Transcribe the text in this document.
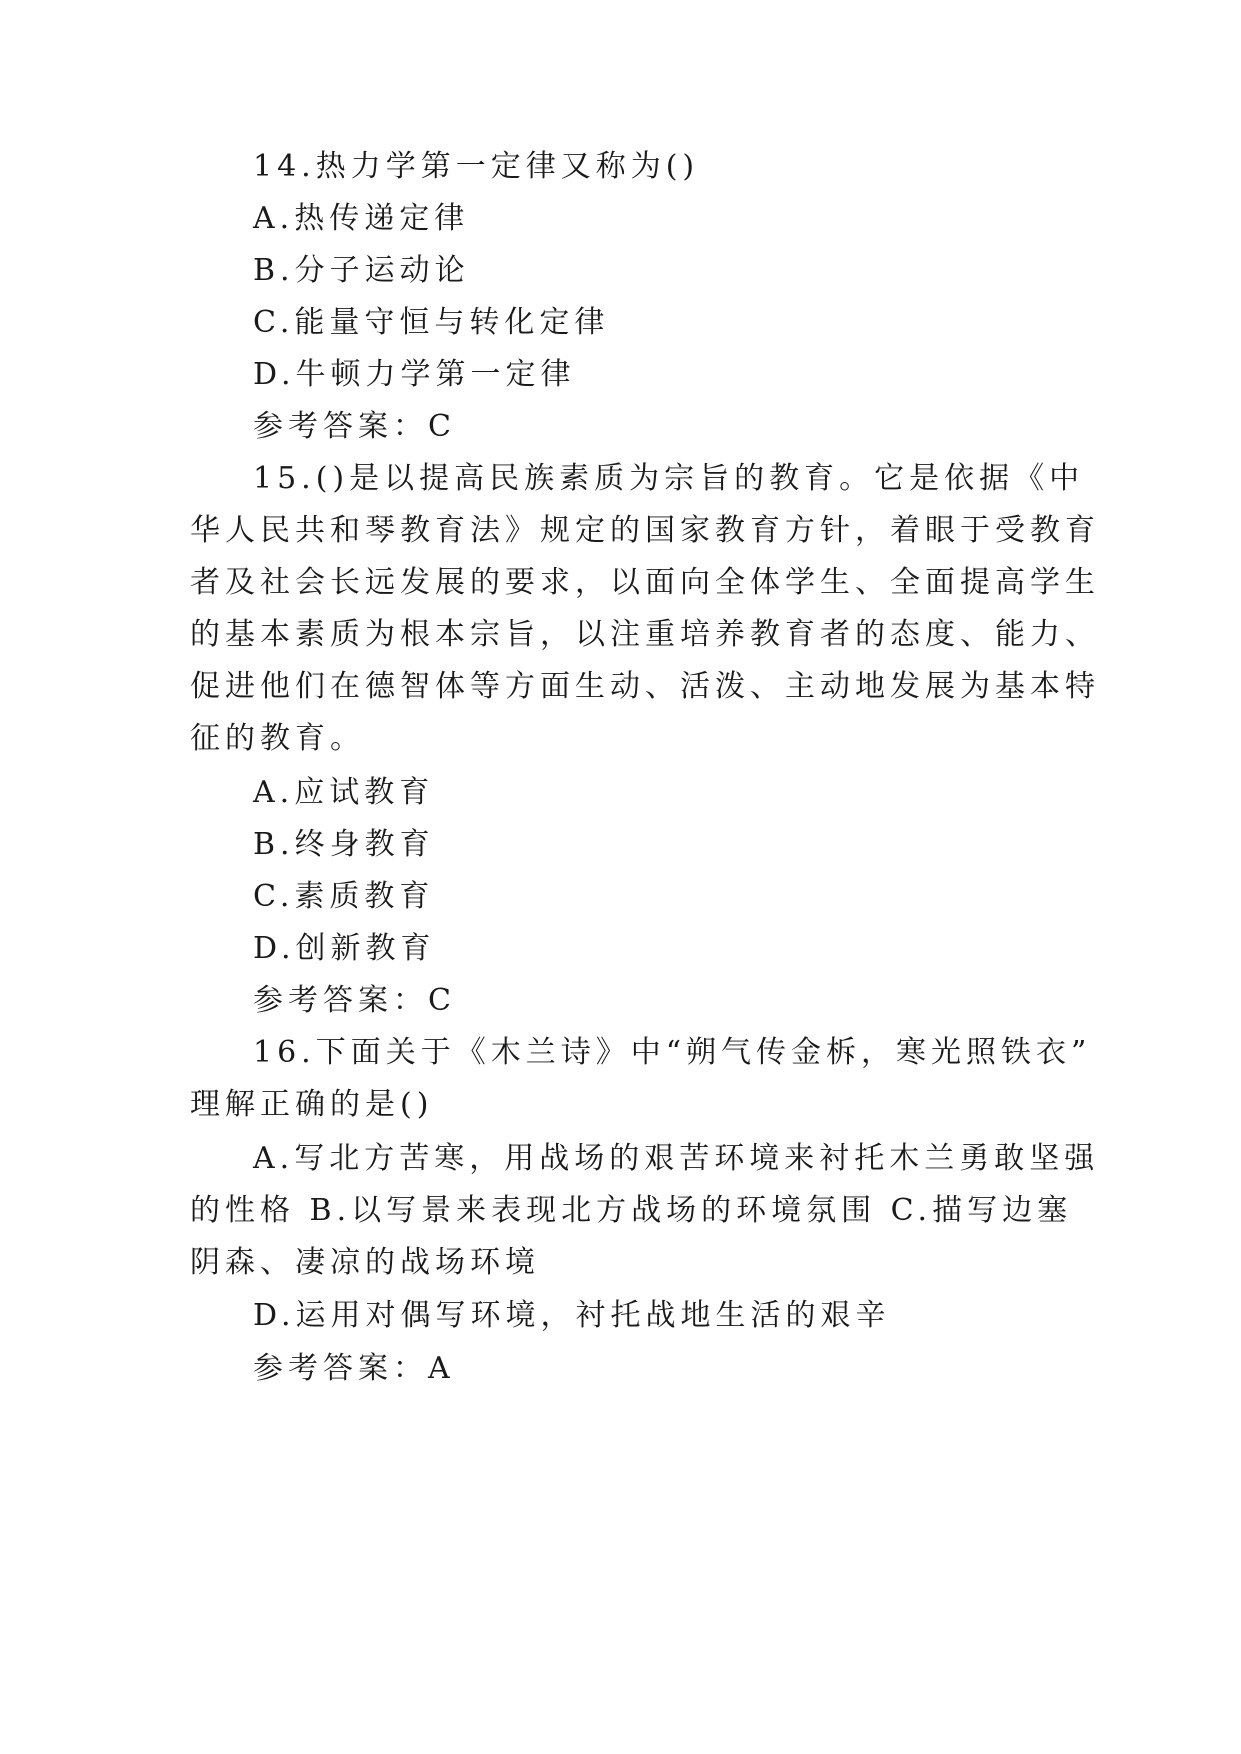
14.热力学第一定律又称为()
A.热传递定律
B.分子运动论
C.能量守恒与转化定律
D.牛顿力学第一定律
参考答案：C
15.()是以提高民族素质为宗旨的教育。它是依据《中
华人民共和琴教育法》规定的国家教育方针，着眼于受教育
者及社会长远发展的要求，以面向全体学生、全面提高学生
的基本素质为根本宗旨，以注重培养教育者的态度、能力、
促进他们在德智体等方面生动、活泼、主动地发展为基本特
征的教育。
A.应试教育
B.终身教育
C.素质教育
D.创新教育
参考答案：C
16.下面关于《木兰诗》中“朔气传金柝，寒光照铁衣”
理解正确的是()
A.写北方苦寒，用战场的艰苦环境来衬托木兰勇敢坚强
的性格 B.以写景来表现北方战场的环境氛围 C.描写边塞
阴森、凄凉的战场环境
D.运用对偶写环境，衬托战地生活的艰辛
参考答案：A
